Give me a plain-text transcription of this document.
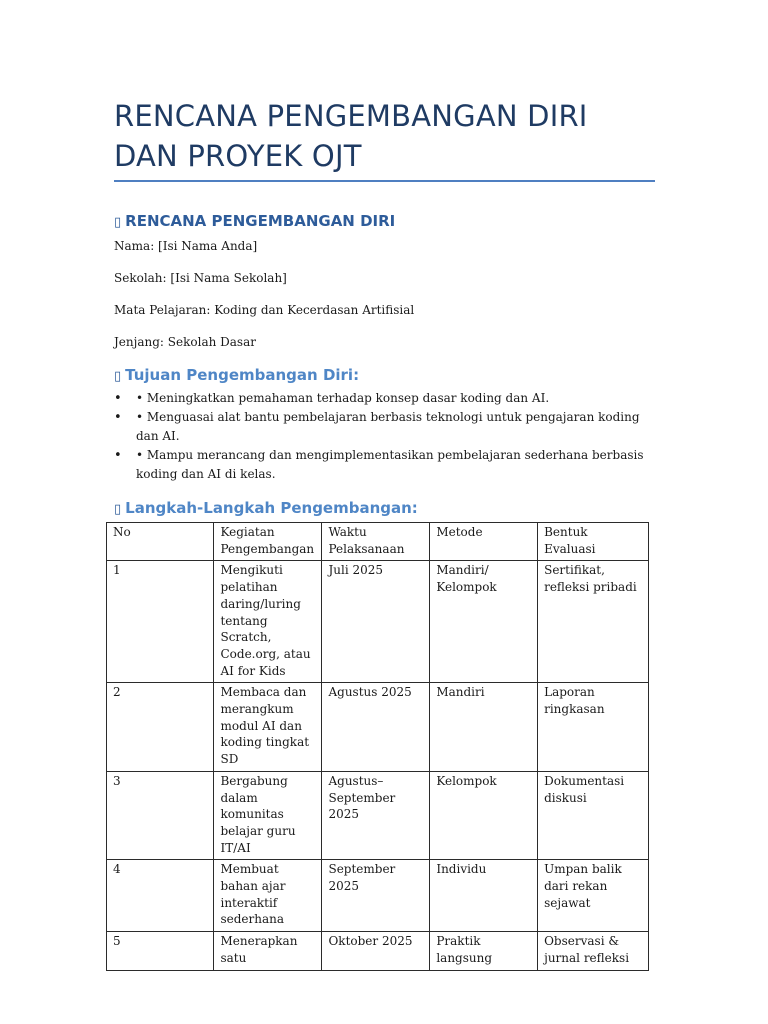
RENCANA PENGEMBANGAN DIRI DAN PROYEK OJT
▯ RENCANA PENGEMBANGAN DIRI
Nama: [Isi Nama Anda]
Sekolah: [Isi Nama Sekolah]
Mata Pelajaran: Koding dan Kecerdasan Artifisial
Jenjang: Sekolah Dasar
▯ Tujuan Pengembangan Diri:
• • Meningkatkan pemahaman terhadap konsep dasar koding dan AI.
• • Menguasai alat bantu pembelajaran berbasis teknologi untuk pengajaran koding dan AI.
• • Mampu merancang dan mengimplementasikan pembelajaran sederhana berbasis koding dan AI di kelas.
▯ Langkah-Langkah Pengembangan:
No	Kegiatan Pengembangan	Waktu Pelaksanaan	Metode	Bentuk Evaluasi
1	Mengikuti pelatihan daring/luring tentang Scratch, Code.org, atau AI for Kids	Juli 2025	Mandiri/ Kelompok	Sertifikat, refleksi pribadi
2	Membaca dan merangkum modul AI dan koding tingkat SD	Agustus 2025	Mandiri	Laporan ringkasan
3	Bergabung dalam komunitas belajar guru IT/AI	Agustus–September 2025	Kelompok	Dokumentasi diskusi
4	Membuat bahan ajar interaktif sederhana	September 2025	Individu	Umpan balik dari rekan sejawat
5	Menerapkan satu	Oktober 2025	Praktik langsung	Observasi & jurnal refleksi
